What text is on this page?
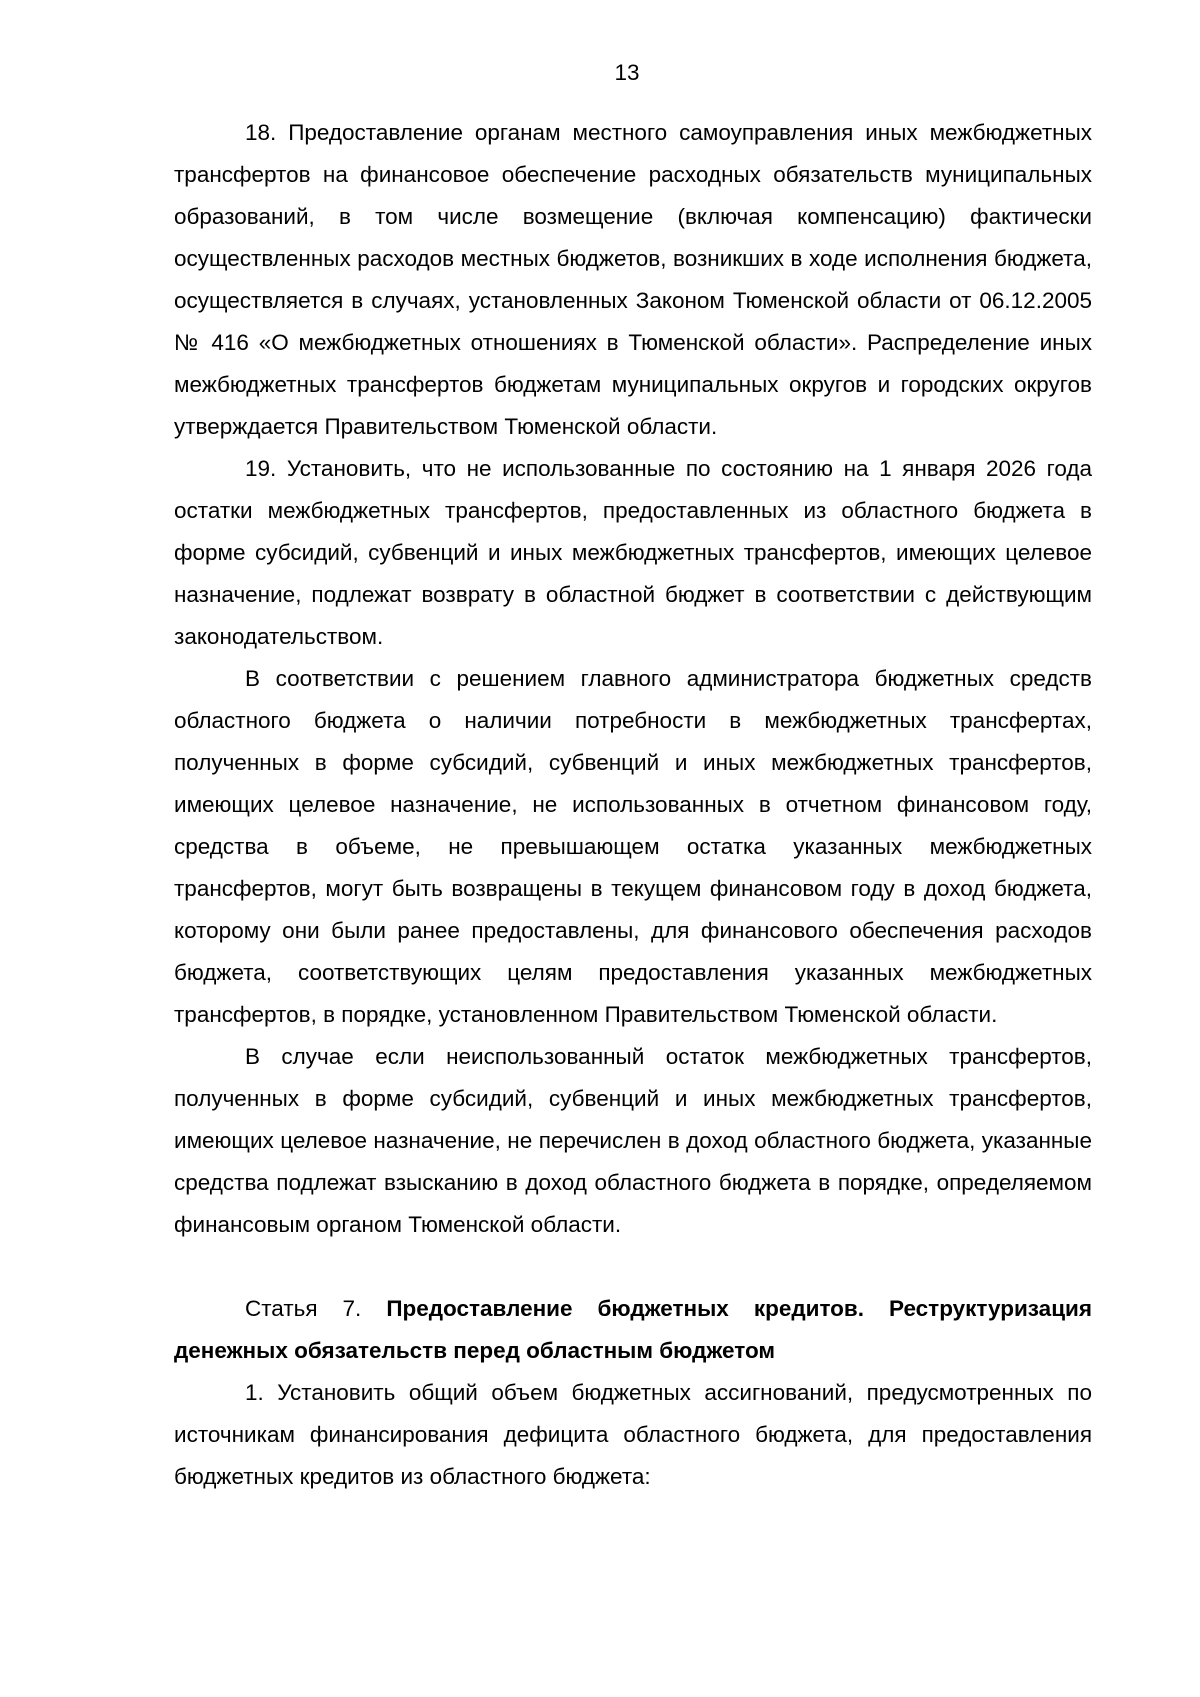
13

18. Предоставление органам местного самоуправления иных межбюджетных трансфертов на финансовое обеспечение расходных обязательств муниципальных образований, в том числе возмещение (включая компенсацию) фактически осуществленных расходов местных бюджетов, возникших в ходе исполнения бюджета, осуществляется в случаях, установленных Законом Тюменской области от 06.12.2005 № 416 «О межбюджетных отношениях в Тюменской области». Распределение иных межбюджетных трансфертов бюджетам муниципальных округов и городских округов утверждается Правительством Тюменской области.

19. Установить, что не использованные по состоянию на 1 января 2026 года остатки межбюджетных трансфертов, предоставленных из областного бюджета в форме субсидий, субвенций и иных межбюджетных трансфертов, имеющих целевое назначение, подлежат возврату в областной бюджет в соответствии с действующим законодательством.

В соответствии с решением главного администратора бюджетных средств областного бюджета о наличии потребности в межбюджетных трансфертах, полученных в форме субсидий, субвенций и иных межбюджетных трансфертов, имеющих целевое назначение, не использованных в отчетном финансовом году, средства в объеме, не превышающем остатка указанных межбюджетных трансфертов, могут быть возвращены в текущем финансовом году в доход бюджета, которому они были ранее предоставлены, для финансового обеспечения расходов бюджета, соответствующих целям предоставления указанных межбюджетных трансфертов, в порядке, установленном Правительством Тюменской области.

В случае если неиспользованный остаток межбюджетных трансфертов, полученных в форме субсидий, субвенций и иных межбюджетных трансфертов, имеющих целевое назначение, не перечислен в доход областного бюджета, указанные средства подлежат взысканию в доход областного бюджета в порядке, определяемом финансовым органом Тюменской области.

Статья 7. Предоставление бюджетных кредитов. Реструктуризация денежных обязательств перед областным бюджетом

1. Установить общий объем бюджетных ассигнований, предусмотренных по источникам финансирования дефицита областного бюджета, для предоставления бюджетных кредитов из областного бюджета:
